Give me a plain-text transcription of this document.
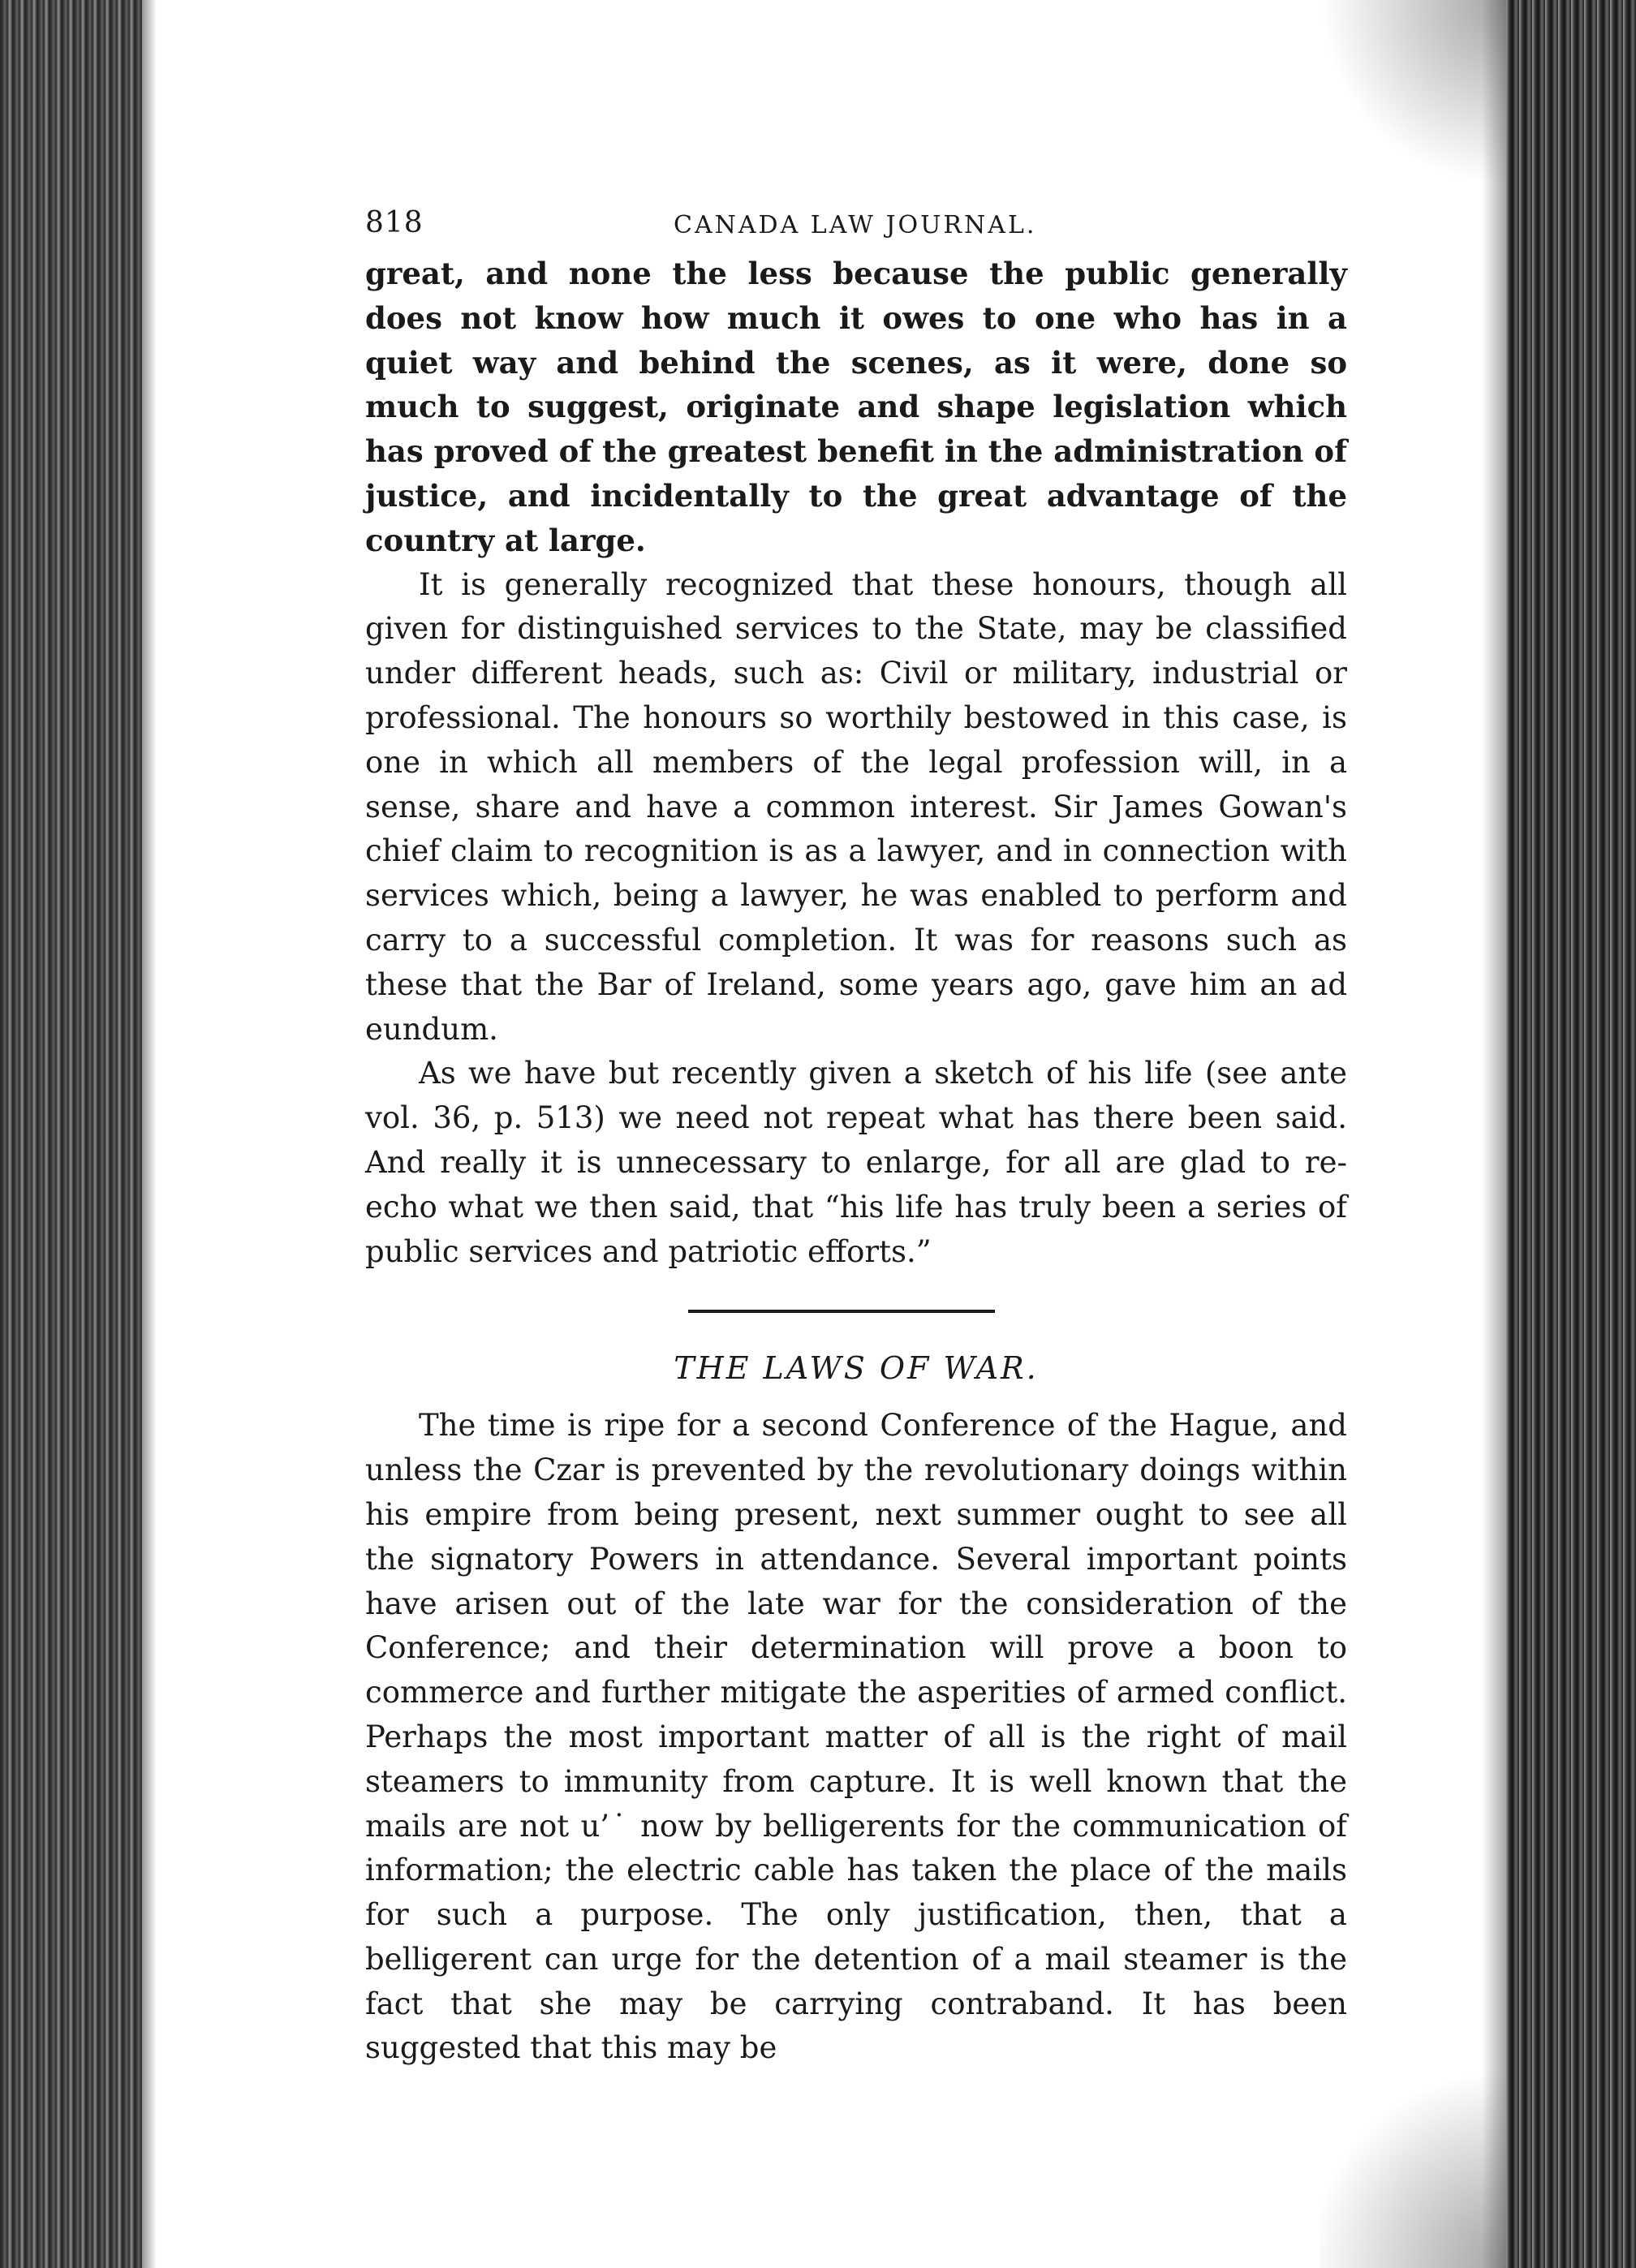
818	CANADA LAW JOURNAL.

great, and none the less because the public generally does not know how much it owes to one who has in a quiet way and behind the scenes, as it were, done so much to suggest, originate and shape legislation which has proved of the greatest benefit in the administration of justice, and incidentally to the great advantage of the country at large.

It is generally recognized that these honours, though all given for distinguished services to the State, may be classified under different heads, such as: Civil or military, industrial or professional. The honours so worthily bestowed in this case, is one in which all members of the legal profession will, in a sense, share and have a common interest. Sir James Gowan's chief claim to recognition is as a lawyer, and in connection with services which, being a lawyer, he was enabled to perform and carry to a successful completion. It was for reasons such as these that the Bar of Ireland, some years ago, gave him an ad eundum.

As we have but recently given a sketch of his life (see ante vol. 36, p. 513) we need not repeat what has there been said. And really it is unnecessary to enlarge, for all are glad to re-echo what we then said, that “his life has truly been a series of public services and patriotic efforts.”

THE LAWS OF WAR.

The time is ripe for a second Conference of the Hague, and unless the Czar is prevented by the revolutionary doings within his empire from being present, next summer ought to see all the signatory Powers in attendance. Several important points have arisen out of the late war for the consideration of the Conference; and their determination will prove a boon to commerce and further mitigate the asperities of armed conflict. Perhaps the most important matter of all is the right of mail steamers to immunity from capture. It is well known that the mails are not u’˙ now by belligerents for the communication of information; the electric cable has taken the place of the mails for such a purpose. The only justification, then, that a belligerent can urge for the detention of a mail steamer is the fact that she may be carrying contraband. It has been suggested that this may be
